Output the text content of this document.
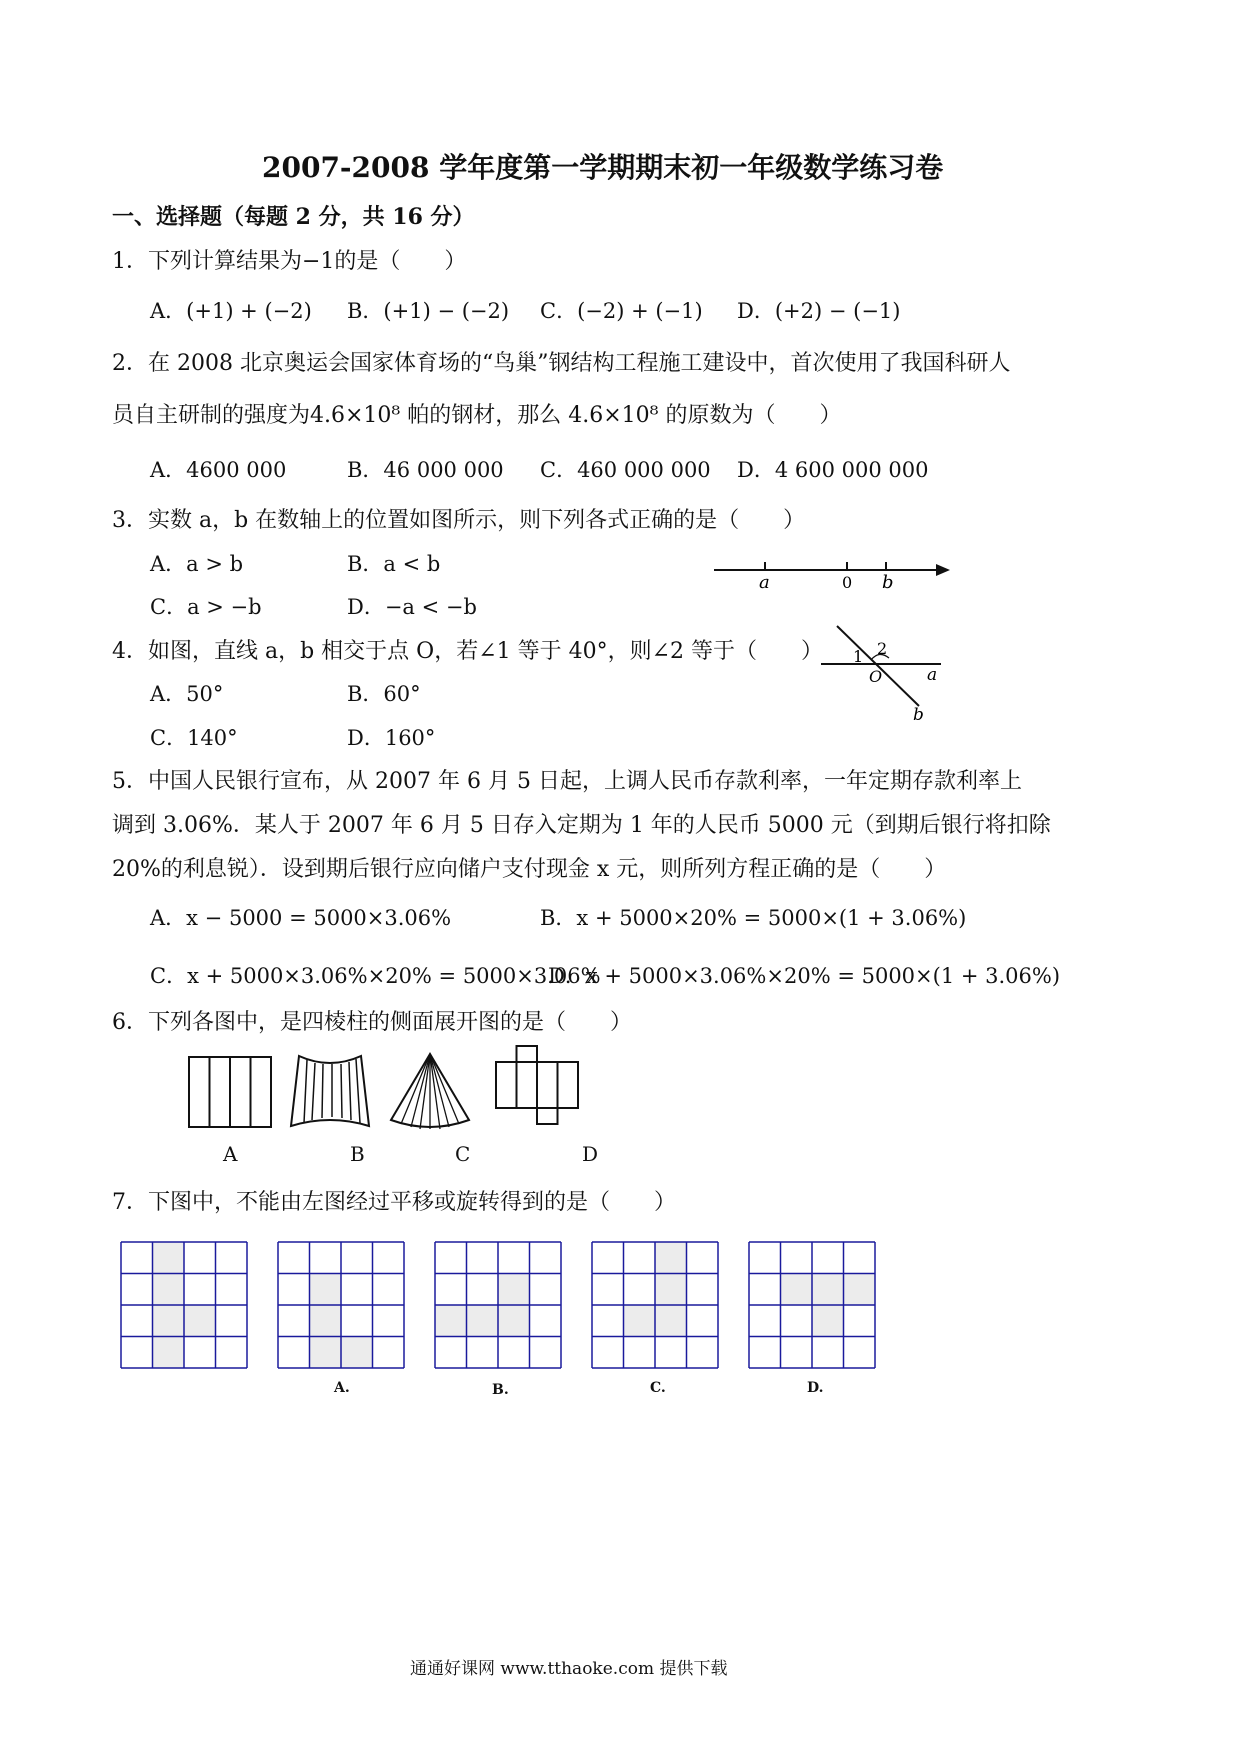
2007-2008 学年度第一学期期末初一年级数学练习卷
一、选择题（每题 2 分，共 16 分）
1．下列计算结果为−1的是（　　）
A．(+1) + (−2) B．(+1) − (−2) C．(−2) + (−1) D．(+2) − (−1)
2．在 2008 北京奥运会国家体育场的“鸟巢”钢结构工程施工建设中，首次使用了我国科研人
员自主研制的强度为4.6×10⁸ 帕的钢材，那么 4.6×10⁸ 的原数为（　　）
A．4600 000	B．46 000 000 C．460 000 000 D．4 600 000 000
3．实数 a，b 在数轴上的位置如图所示，则下列各式正确的是（　　）
A．a > b	B．a < b
C．a > −b	D．−a < −b
a	0 b
4．如图，直线 a，b 相交于点 O，若∠1 等于 40°，则∠2 等于（　　）
A．50°	B．60°
C．140°	D．160°
1 2
O	a
b
5．中国人民银行宣布，从 2007 年 6 月 5 日起，上调人民币存款利率，一年定期存款利率上
调到 3.06%．某人于 2007 年 6 月 5 日存入定期为 1 年的人民币 5000 元（到期后银行将扣除
20%的利息锐）．设到期后银行应向储户支付现金 x 元，则所列方程正确的是（　　）
A．x − 5000 = 5000×3.06%	B．x + 5000×20% = 5000×(1 + 3.06%)
C．x + 5000×3.06%×20% = 5000×3.06%
D．x + 5000×3.06%×20% = 5000×(1 + 3.06%)
6．下列各图中，是四棱柱的侧面展开图的是（　　）
A	B	C	D
7．下图中，不能由左图经过平移或旋转得到的是（　　）
A.	B.	C.	D.
通通好课网 www.tthaoke.com 提供下载
